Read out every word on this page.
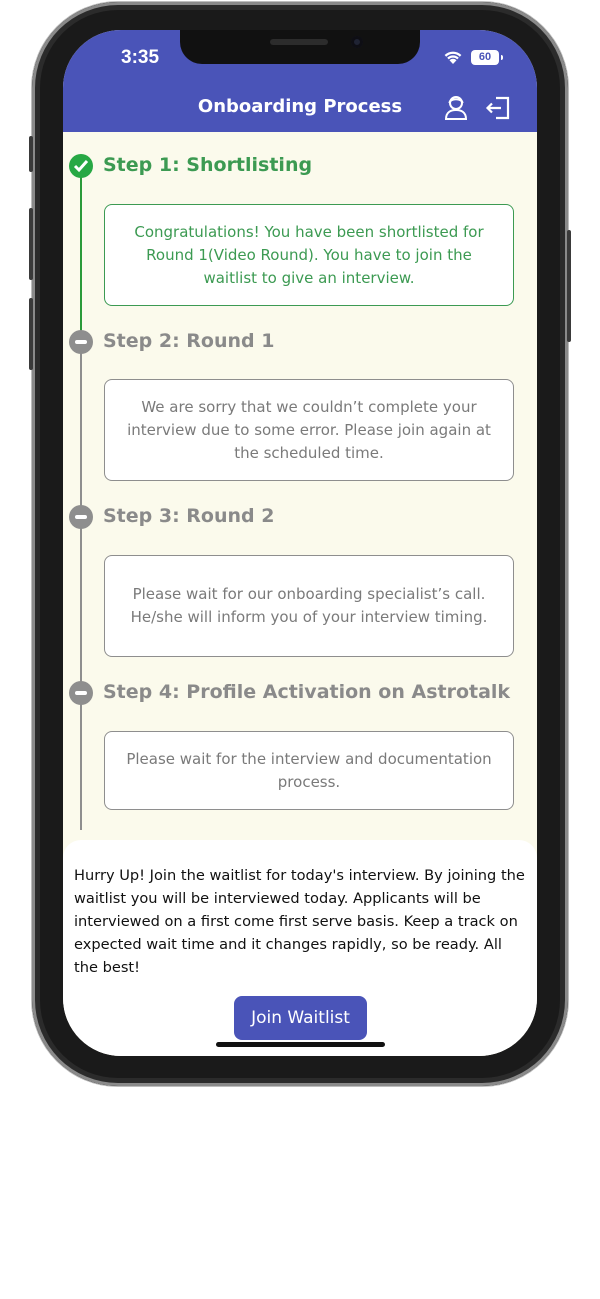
3:35	60
Onboarding Process
Step 1: Shortlisting
Congratulations! You have been shortlisted for Round 1(Video Round). You have to join the waitlist to give an interview.
Step 2: Round 1
We are sorry that we couldn’t complete your interview due to some error. Please join again at the scheduled time.
Step 3: Round 2
Please wait for our onboarding specialist’s call. He/she will inform you of your interview timing.
Step 4: Profile Activation on Astrotalk
Please wait for the interview and documentation process.
Hurry Up! Join the waitlist for today's interview. By joining the waitlist you will be interviewed today. Applicants will be interviewed on a first come first serve basis. Keep a track on expected wait time and it changes rapidly, so be ready. All the best!
Join Waitlist
